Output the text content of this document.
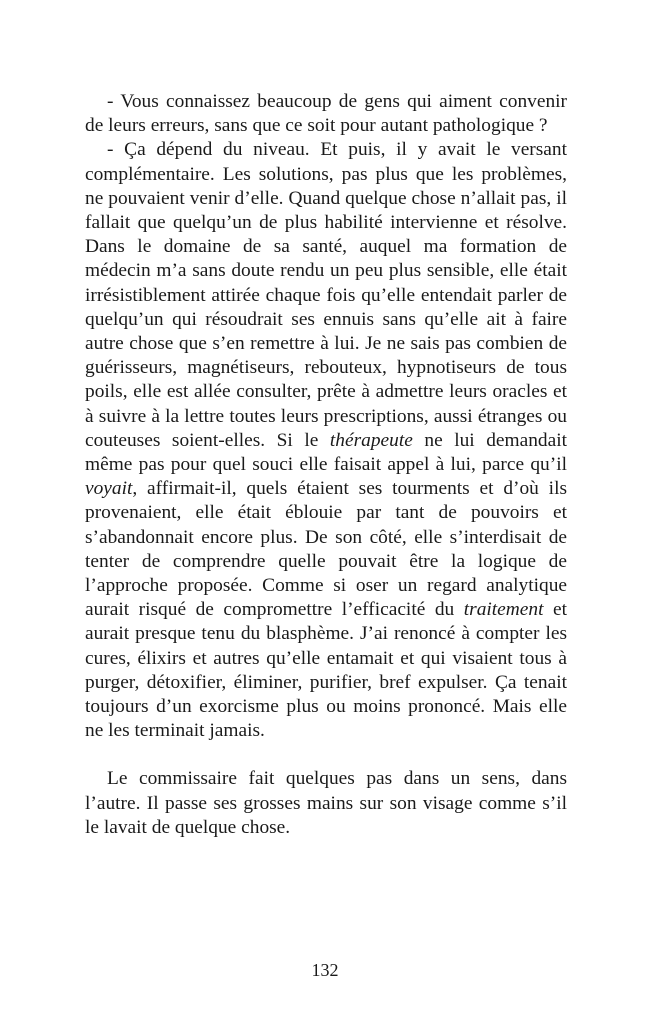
- Vous connaissez beaucoup de gens qui aiment convenir de leurs erreurs, sans que ce soit pour autant pathologique ?

- Ça dépend du niveau. Et puis, il y avait le versant complémentaire. Les solutions, pas plus que les problèmes, ne pouvaient venir d’elle. Quand quelque chose n’allait pas, il fallait que quelqu’un de plus habilité intervienne et résolve. Dans le domaine de sa santé, auquel ma formation de médecin m’a sans doute rendu un peu plus sensible, elle était irrésistiblement attirée chaque fois qu’elle entendait parler de quelqu’un qui résoudrait ses ennuis sans qu’elle ait à faire autre chose que s’en remettre à lui. Je ne sais pas combien de guérisseurs, magnétiseurs, rebouteux, hypnotiseurs de tous poils, elle est allée consulter, prête à admettre leurs oracles et à suivre à la lettre toutes leurs prescriptions, aussi étranges ou couteuses soient-elles. Si le thérapeute ne lui demandait même pas pour quel souci elle faisait appel à lui, parce qu’il voyait, affirmait-il, quels étaient ses tourments et d’où ils provenaient, elle était éblouie par tant de pouvoirs et s’abandonnait encore plus. De son côté, elle s’interdisait de tenter de comprendre quelle pouvait être la logique de l’approche proposée. Comme si oser un regard analytique aurait risqué de compromettre l’efficacité du traitement et aurait presque tenu du blasphème. J’ai renoncé à compter les cures, élixirs et autres qu’elle entamait et qui visaient tous à purger, détoxifier, éliminer, purifier, bref expulser. Ça tenait toujours d’un exorcisme plus ou moins prononcé. Mais elle ne les terminait jamais.

Le commissaire fait quelques pas dans un sens, dans l’autre. Il passe ses grosses mains sur son visage comme s’il le lavait de quelque chose.

132
